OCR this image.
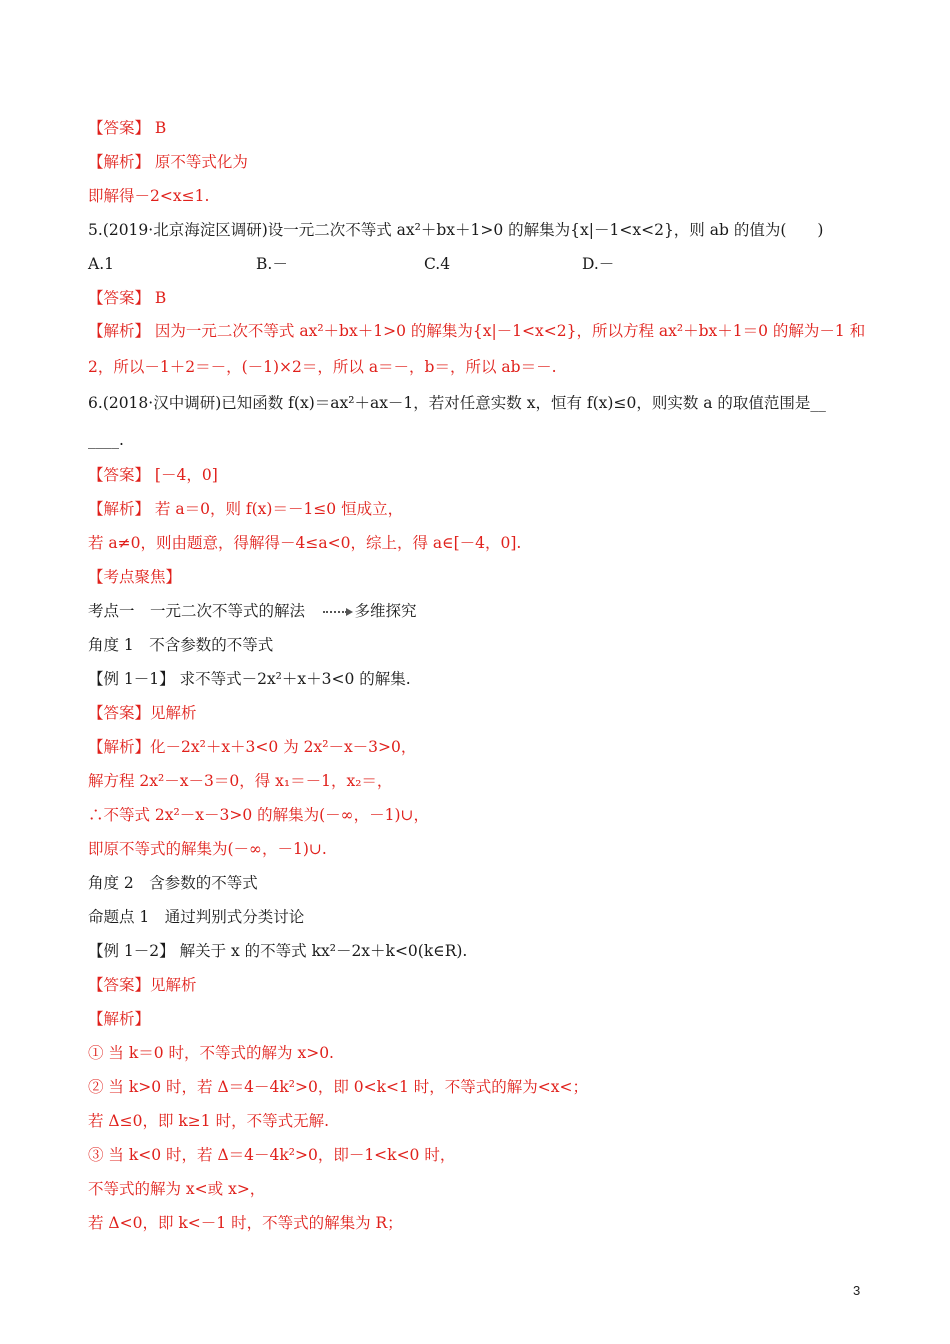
【答案】 B
【解析】 原不等式化为
即解得－2<x≤1.
5.(2019·北京海淀区调研)设一元二次不等式 ax²＋bx＋1>0 的解集为{x|－1<x<2}，则 ab 的值为(　　)
【答案】 B
【解析】 因为一元二次不等式 ax²＋bx＋1>0 的解集为{x|－1<x<2}，所以方程 ax²＋bx＋1＝0 的解为－1 和
2，所以－1＋2＝－，(－1)×2＝，所以 a＝－，b＝，所以 ab＝－.
6.(2018·汉中调研)已知函数 f(x)＝ax²＋ax－1，若对任意实数 x，恒有 f(x)≤0，则实数 a 的取值范围是__
____.
【答案】 [－4，0]
【解析】 若 a＝0，则 f(x)＝－1≤0 恒成立，
若 a≠0，则由题意，得解得－4≤a<0，综上，得 a∈[－4，0].
【考点聚焦】
考点一　一元二次不等式的解法　
多维探究
角度 1　不含参数的不等式
【例 1－1】 求不等式－2x²＋x＋3<0 的解集.
【答案】见解析
【解析】化－2x²＋x＋3<0 为 2x²－x－3>0，
解方程 2x²－x－3＝0，得 x₁＝－1，x₂＝，
∴不等式 2x²－x－3>0 的解集为(－∞，－1)∪，
即原不等式的解集为(－∞，－1)∪.
角度 2　含参数的不等式
命题点 1　通过判别式分类讨论
【例 1－2】 解关于 x 的不等式 kx²－2x＋k<0(k∈R).
【答案】见解析
【解析】
① 当 k＝0 时，不等式的解为 x>0.
② 当 k>0 时，若 Δ＝4－4k²>0，即 0<k<1 时，不等式的解为<x<；
若 Δ≤0，即 k≥1 时，不等式无解.
③ 当 k<0 时，若 Δ＝4－4k²>0，即－1<k<0 时，
不等式的解为 x<或 x>，
若 Δ<0，即 k<－1 时，不等式的解集为 R；
A.1	B.－	C.4	D.－
3
